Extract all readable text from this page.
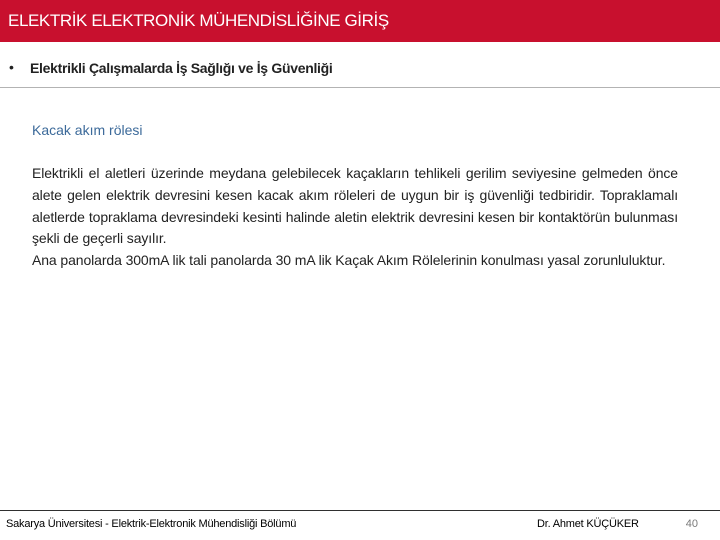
ELEKTRİK ELEKTRONİK MÜHENDİSLİĞİNE GİRİŞ
• Elektrikli Çalışmalarda İş Sağlığı ve İş Güvenliği
Kacak akım rölesi

Elektrikli el aletleri üzerinde meydana gelebilecek kaçakların tehlikeli gerilim seviyesine gelmeden önce alete gelen elektrik devresini kesen kacak akım röleleri de uygun bir iş güvenliği tedbiridir. Topraklamalı aletlerde topraklama devresindeki kesinti halinde aletin elektrik devresini kesen bir kontaktörün bulunması şekli de geçerli sayılır.

Ana panolarda 300mA lik tali panolarda 30 mA lik Kaçak Akım Rölelerinin konulması yasal zorunluluktur.

Sakarya Üniversitesi - Elektrik-Elektronik Mühendisliği Bölümü	Dr. Ahmet KÜÇÜKER	40
